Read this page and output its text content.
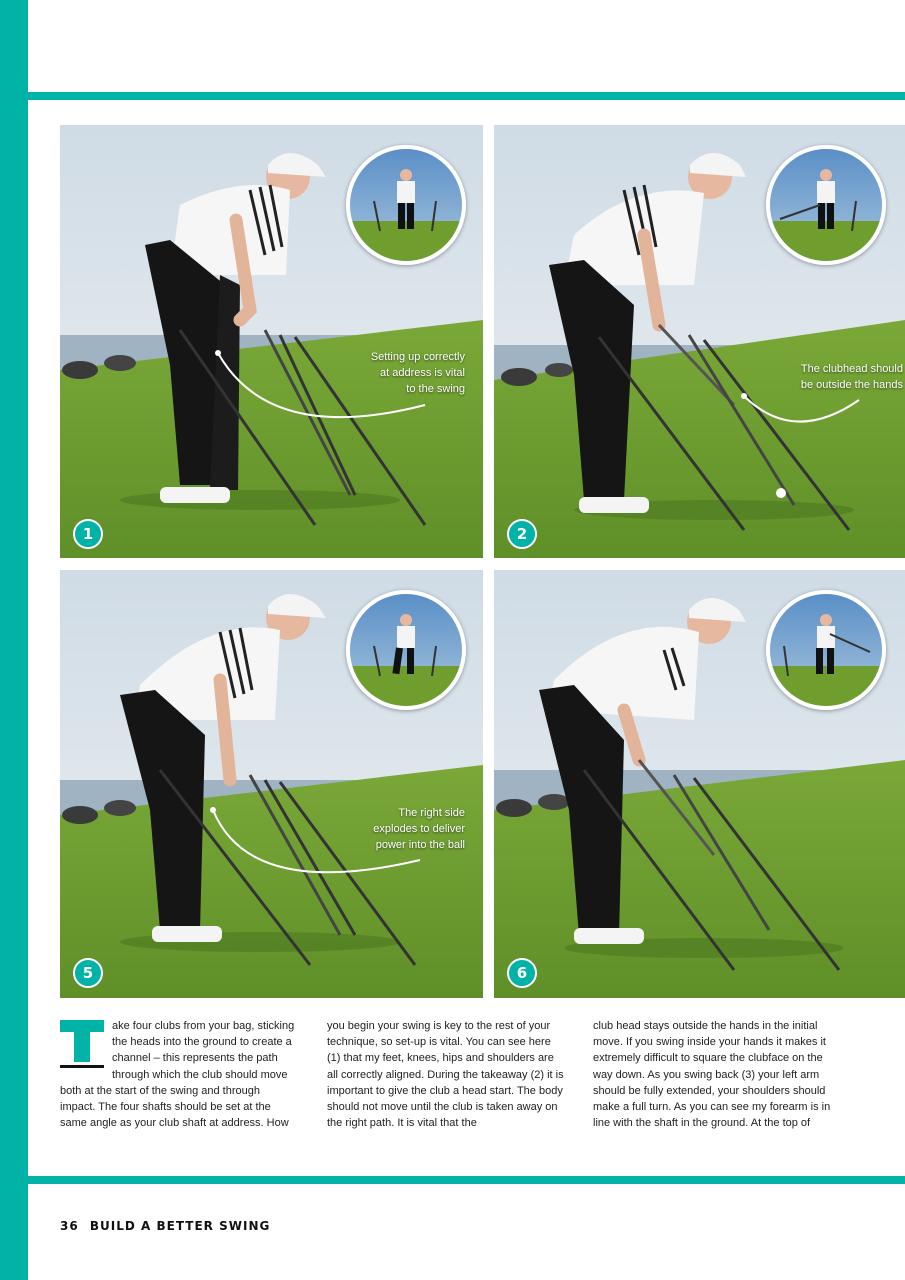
Setting up correctly
at address is vital
to the swing
1
The clubhead should
be outside the hands
2
The right side
explodes to deliver
power into the ball
5	6
ake four clubs from your bag, sticking the heads into the ground to create a channel – this represents the path through which the club should move both at the start of the swing and through impact. The four shafts should be set at the same angle as your club shaft at address. How

you begin your swing is key to the rest of your technique, so set-up is vital. You can see here (1) that my feet, knees, hips and shoulders are all correctly aligned. During the takeaway (2) it is important to give the club a head start. The body should not move until the club is taken away on the right path. It is vital that the

club head stays outside the hands in the initial move. If you swing inside your hands it makes it extremely difficult to square the clubface on the way down. As you swing back (3) your left arm should be fully extended, your shoulders should make a full turn. As you can see my forearm is in line with the shaft in the ground. At the top of

36 BUILD A BETTER SWING
